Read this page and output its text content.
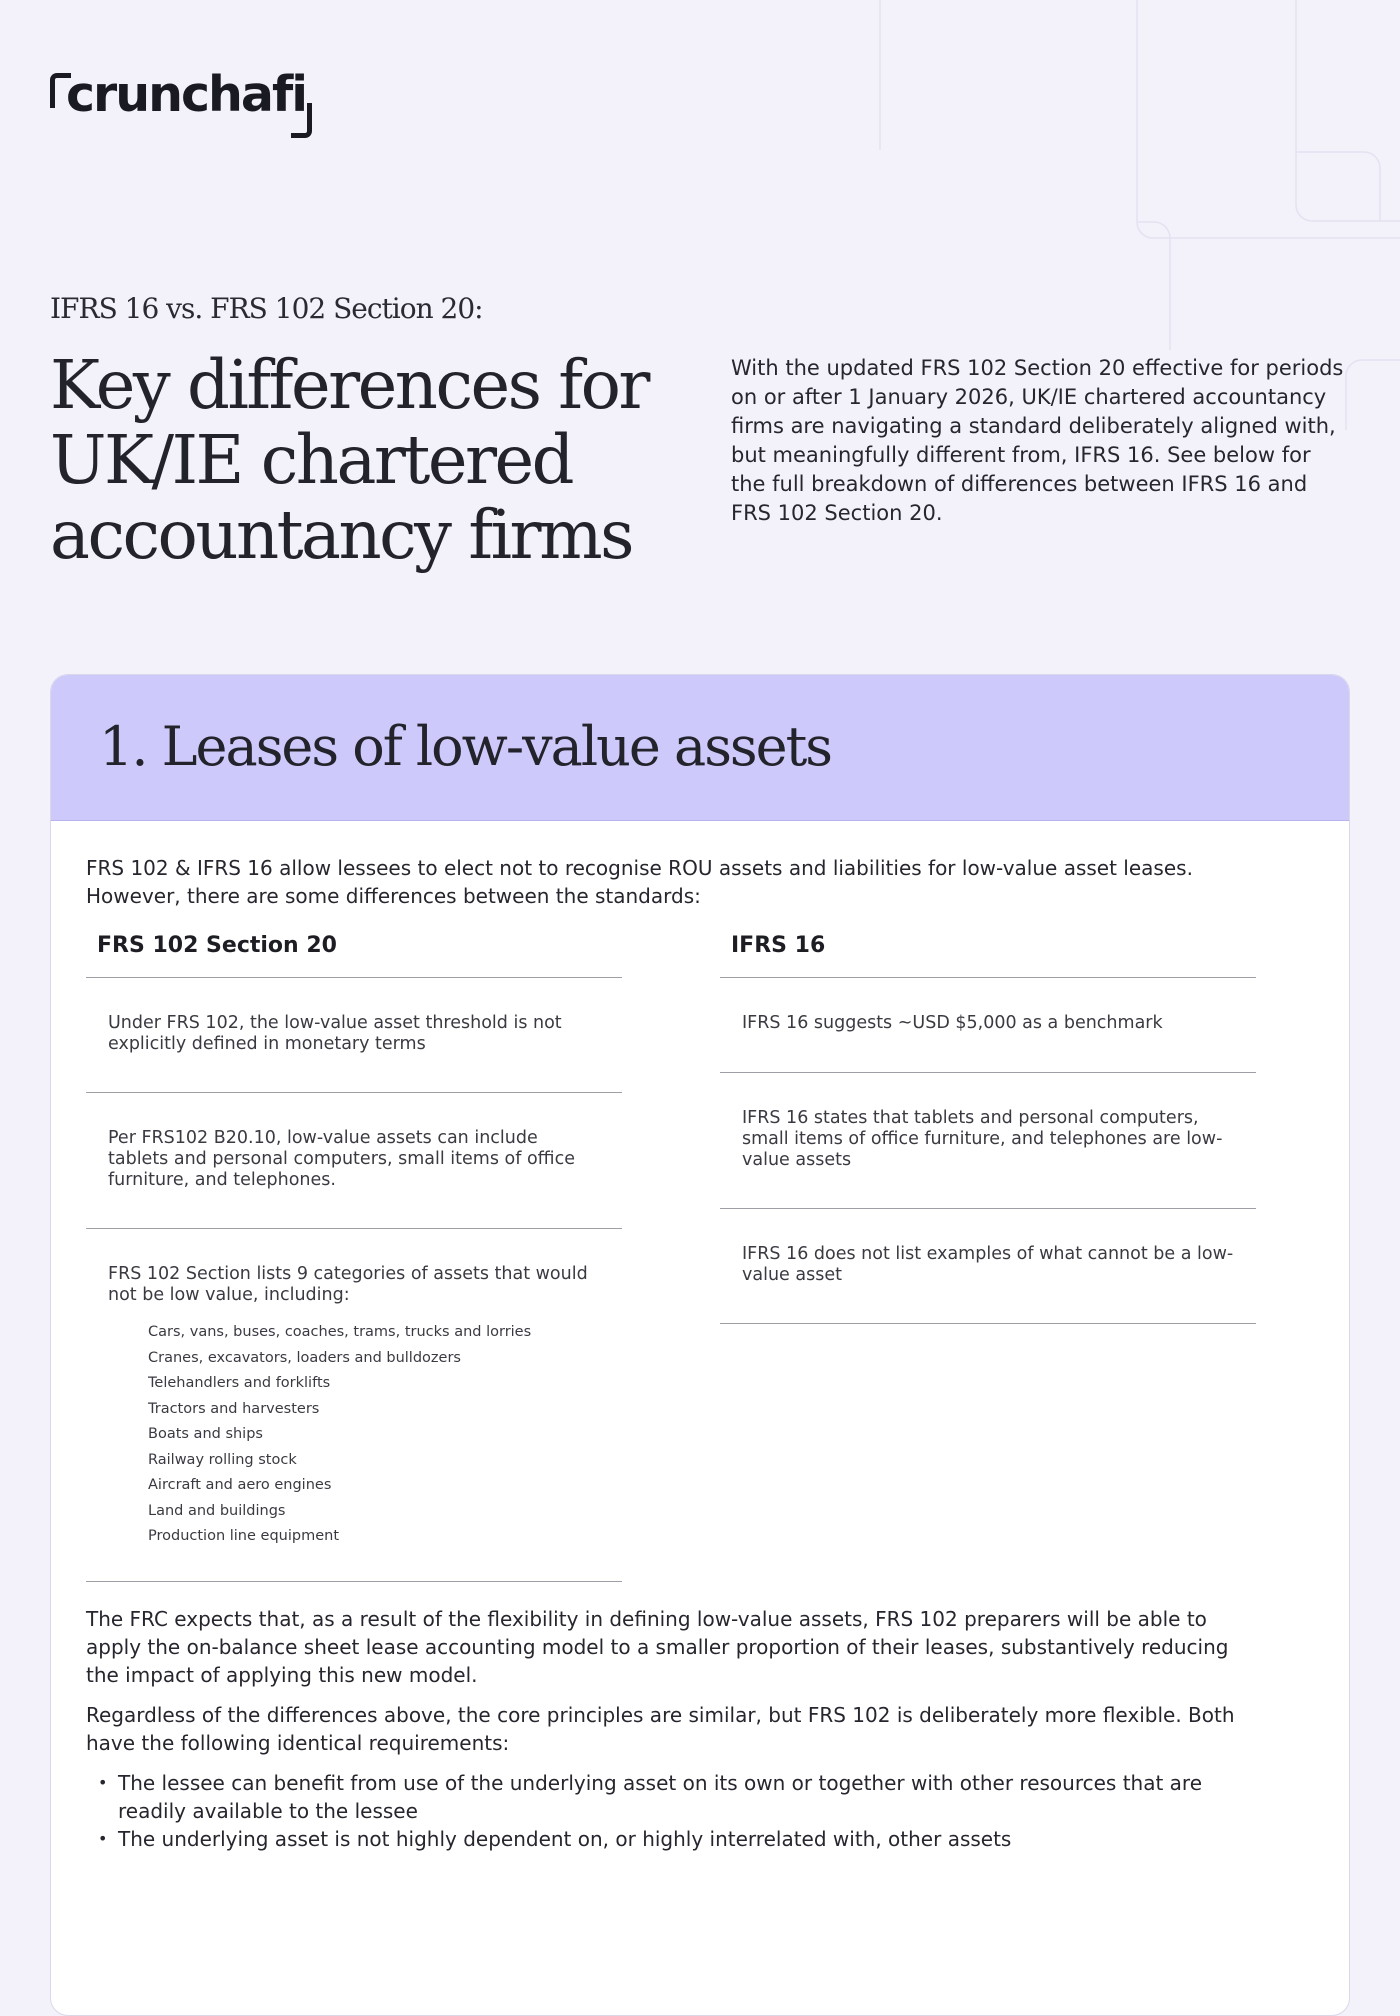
crunchafi
IFRS 16 vs. FRS 102 Section 20:
Key differences for UK/IE chartered accountancy firms

With the updated FRS 102 Section 20 effective for periods on or after 1 January 2026, UK/IE chartered accountancy firms are navigating a standard deliberately aligned with, but meaningfully different from, IFRS 16. See below for the full breakdown of differences between IFRS 16 and FRS 102 Section 20.

1. Leases of low-value assets

FRS 102 & IFRS 16 allow lessees to elect not to recognise ROU assets and liabilities for low-value asset leases. However, there are some differences between the standards:

FRS 102 Section 20

Under FRS 102, the low-value asset threshold is not explicitly defined in monetary terms

Per FRS102 B20.10, low-value assets can include tablets and personal computers, small items of office furniture, and telephones.

FRS 102 Section lists 9 categories of assets that would not be low value, including:

Cars, vans, buses, coaches, trams, trucks and lorries
Cranes, excavators, loaders and bulldozers
Telehandlers and forklifts
Tractors and harvesters
Boats and ships
Railway rolling stock
Aircraft and aero engines
Land and buildings
Production line equipment
IFRS 16

IFRS 16 suggests ~USD $5,000 as a benchmark

IFRS 16 states that tablets and personal computers, small items of office furniture, and telephones are low-value assets

IFRS 16 does not list examples of what cannot be a low-value asset

The FRC expects that, as a result of the flexibility in defining low-value assets, FRS 102 preparers will be able to apply the on-balance sheet lease accounting model to a smaller proportion of their leases, substantively reducing the impact of applying this new model.

Regardless of the differences above, the core principles are similar, but FRS 102 is deliberately more flexible. Both have the following identical requirements:

• The lessee can benefit from use of the underlying asset on its own or together with other resources that are readily available to the lessee
• The underlying asset is not highly dependent on, or highly interrelated with, other assets
